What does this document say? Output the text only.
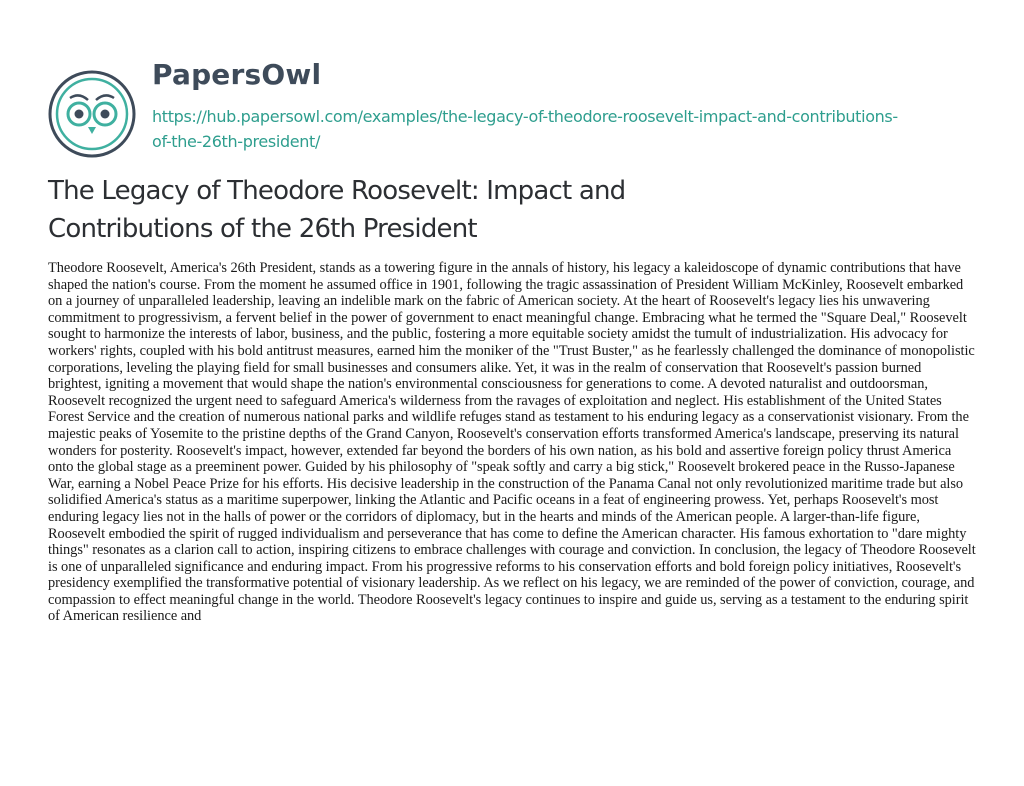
PapersOwl
https://hub.papersowl.com/examples/the-legacy-of-theodore-roosevelt-impact-and-contributions-of-the-26th-president/
The Legacy of Theodore Roosevelt: Impact and Contributions of the 26th President
Theodore Roosevelt, America's 26th President, stands as a towering figure in the annals of history, his legacy a kaleidoscope of dynamic contributions that have shaped the nation's course. From the moment he assumed office in 1901, following the tragic assassination of President William McKinley, Roosevelt embarked on a journey of unparalleled leadership, leaving an indelible mark on the fabric of American society. At the heart of Roosevelt's legacy lies his unwavering commitment to progressivism, a fervent belief in the power of government to enact meaningful change. Embracing what he termed the "Square Deal," Roosevelt sought to harmonize the interests of labor, business, and the public, fostering a more equitable society amidst the tumult of industrialization. His advocacy for workers' rights, coupled with his bold antitrust measures, earned him the moniker of the "Trust Buster," as he fearlessly challenged the dominance of monopolistic corporations, leveling the playing field for small businesses and consumers alike. Yet, it was in the realm of conservation that Roosevelt's passion burned brightest, igniting a movement that would shape the nation's environmental consciousness for generations to come. A devoted naturalist and outdoorsman, Roosevelt recognized the urgent need to safeguard America's wilderness from the ravages of exploitation and neglect. His establishment of the United States Forest Service and the creation of numerous national parks and wildlife refuges stand as testament to his enduring legacy as a conservationist visionary. From the majestic peaks of Yosemite to the pristine depths of the Grand Canyon, Roosevelt's conservation efforts transformed America's landscape, preserving its natural wonders for posterity. Roosevelt's impact, however, extended far beyond the borders of his own nation, as his bold and assertive foreign policy thrust America onto the global stage as a preeminent power. Guided by his philosophy of "speak softly and carry a big stick," Roosevelt brokered peace in the Russo-Japanese War, earning a Nobel Peace Prize for his efforts. His decisive leadership in the construction of the Panama Canal not only revolutionized maritime trade but also solidified America's status as a maritime superpower, linking the Atlantic and Pacific oceans in a feat of engineering prowess. Yet, perhaps Roosevelt's most enduring legacy lies not in the halls of power or the corridors of diplomacy, but in the hearts and minds of the American people. A larger-than-life figure, Roosevelt embodied the spirit of rugged individualism and perseverance that has come to define the American character. His famous exhortation to "dare mighty things" resonates as a clarion call to action, inspiring citizens to embrace challenges with courage and conviction. In conclusion, the legacy of Theodore Roosevelt is one of unparalleled significance and enduring impact. From his progressive reforms to his conservation efforts and bold foreign policy initiatives, Roosevelt's presidency exemplified the transformative potential of visionary leadership. As we reflect on his legacy, we are reminded of the power of conviction, courage, and compassion to effect meaningful change in the world. Theodore Roosevelt's legacy continues to inspire and guide us, serving as a testament to the enduring spirit of American resilience and
